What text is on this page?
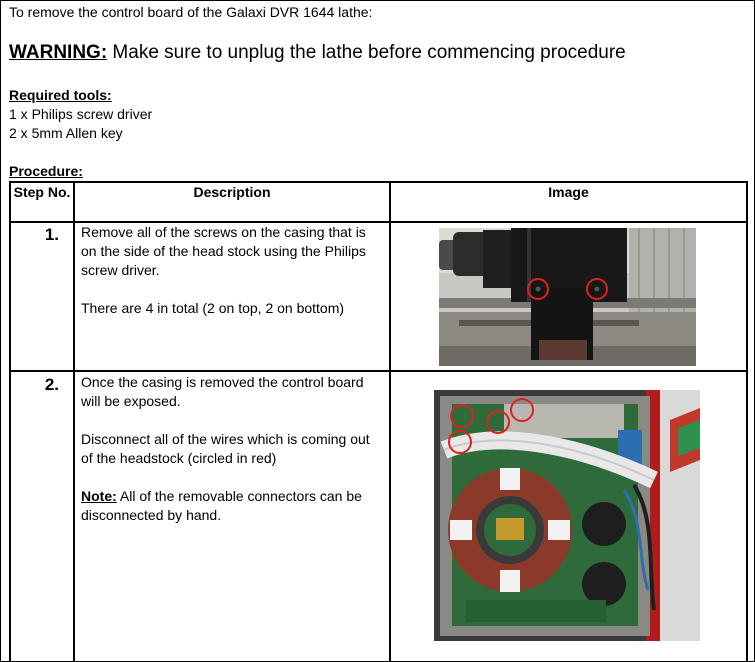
To remove the control board of the Galaxi DVR 1644 lathe:
WARNING: Make sure to unplug the lathe before commencing procedure
Required tools:
1 x Philips screw driver
2 x 5mm Allen key
Procedure:
Step No.	Description	Image
1. Remove all of the screws on the casing that is on the side of the head stock using the Philips screw driver.

There are 4 in total (2 on top, 2 on bottom)

2. Once the casing is removed the control board will be exposed.

Disconnect all of the wires which is coming out of the headstock (circled in red)

Note: All of the removable connectors can be disconnected by hand.
